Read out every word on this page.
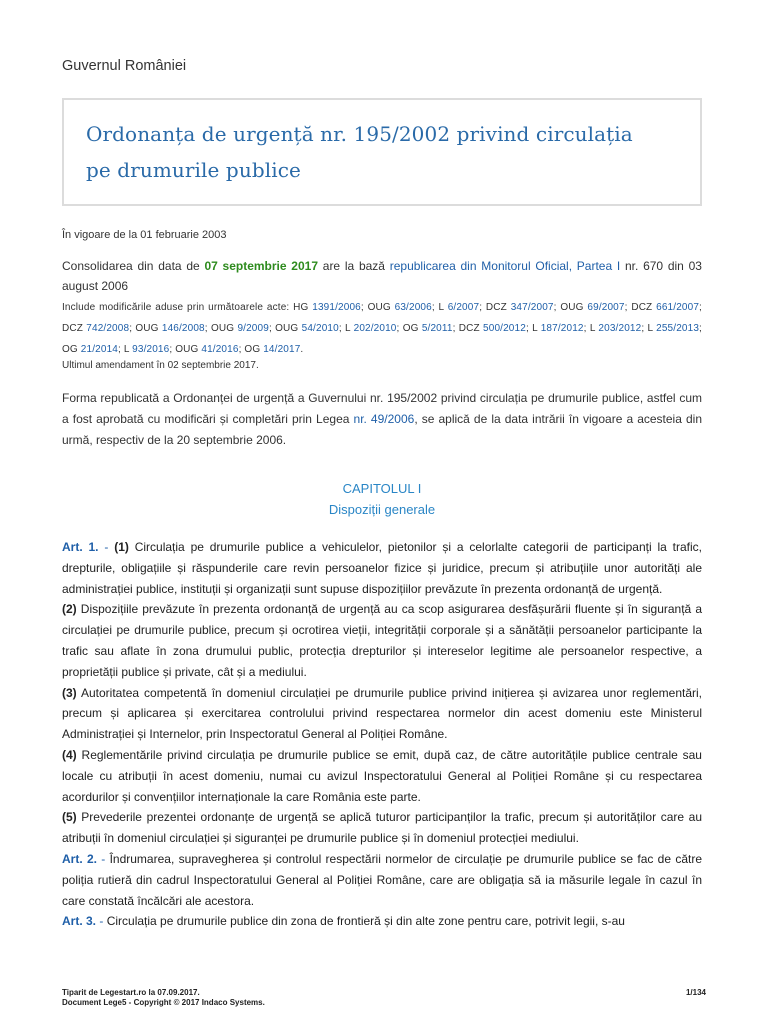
Guvernul României
Ordonanța de urgență nr. 195/2002 privind circulația
pe drumurile publice
În vigoare de la 01 februarie 2003
Consolidarea din data de 07 septembrie 2017 are la bază republicarea din Monitorul Oficial, Partea I nr. 670 din 03 august 2006
Include modificările aduse prin următoarele acte: HG 1391/2006; OUG 63/2006; L 6/2007; DCZ 347/2007; OUG 69/2007; DCZ 661/2007; DCZ 742/2008; OUG 146/2008; OUG 9/2009; OUG 54/2010; L 202/2010; OG 5/2011; DCZ 500/2012; L 187/2012; L 203/2012; L 255/2013; OG 21/2014; L 93/2016; OUG 41/2016; OG 14/2017.
Ultimul amendament în 02 septembrie 2017.
Forma republicată a Ordonanței de urgență a Guvernului nr. 195/2002 privind circulația pe drumurile publice, astfel cum a fost aprobată cu modificări și completări prin Legea nr. 49/2006, se aplică de la data intrării în vigoare a acesteia din urmă, respectiv de la 20 septembrie 2006.
CAPITOLUL I
Dispoziții generale

Art. 1. - (1) Circulația pe drumurile publice a vehiculelor, pietonilor și a celorlalte categorii de participanți la trafic, drepturile, obligațiile și răspunderile care revin persoanelor fizice și juridice, precum și atribuțiile unor autorități ale administrației publice, instituții și organizații sunt supuse dispozițiilor prevăzute în prezenta ordonanță de urgență.

(2) Dispozițiile prevăzute în prezenta ordonanță de urgență au ca scop asigurarea desfășurării fluente și în siguranță a circulației pe drumurile publice, precum și ocrotirea vieții, integrității corporale și a sănătății persoanelor participante la trafic sau aflate în zona drumului public, protecția drepturilor și intereselor legitime ale persoanelor respective, a proprietății publice și private, cât și a mediului.

(3) Autoritatea competentă în domeniul circulației pe drumurile publice privind inițierea și avizarea unor reglementări, precum și aplicarea și exercitarea controlului privind respectarea normelor din acest domeniu este Ministerul Administrației și Internelor, prin Inspectoratul General al Poliției Române.

(4) Reglementările privind circulația pe drumurile publice se emit, după caz, de către autoritățile publice centrale sau locale cu atribuții în acest domeniu, numai cu avizul Inspectoratului General al Poliției Române și cu respectarea acordurilor și convențiilor internaționale la care România este parte.

(5) Prevederile prezentei ordonanțe de urgență se aplică tuturor participanților la trafic, precum și autorităților care au atribuții în domeniul circulației și siguranței pe drumurile publice și în domeniul protecției mediului.

Art. 2. - Îndrumarea, supravegherea și controlul respectării normelor de circulație pe drumurile publice se fac de către poliția rutieră din cadrul Inspectoratului General al Poliției Române, care are obligația să ia măsurile legale în cazul în care constată încălcări ale acestora.

Art. 3. - Circulația pe drumurile publice din zona de frontieră și din alte zone pentru care, potrivit legii, s-au

Tiparit de Legestart.ro la 07.09.2017.
Document Lege5 - Copyright © 2017 Indaco Systems.
1/134
